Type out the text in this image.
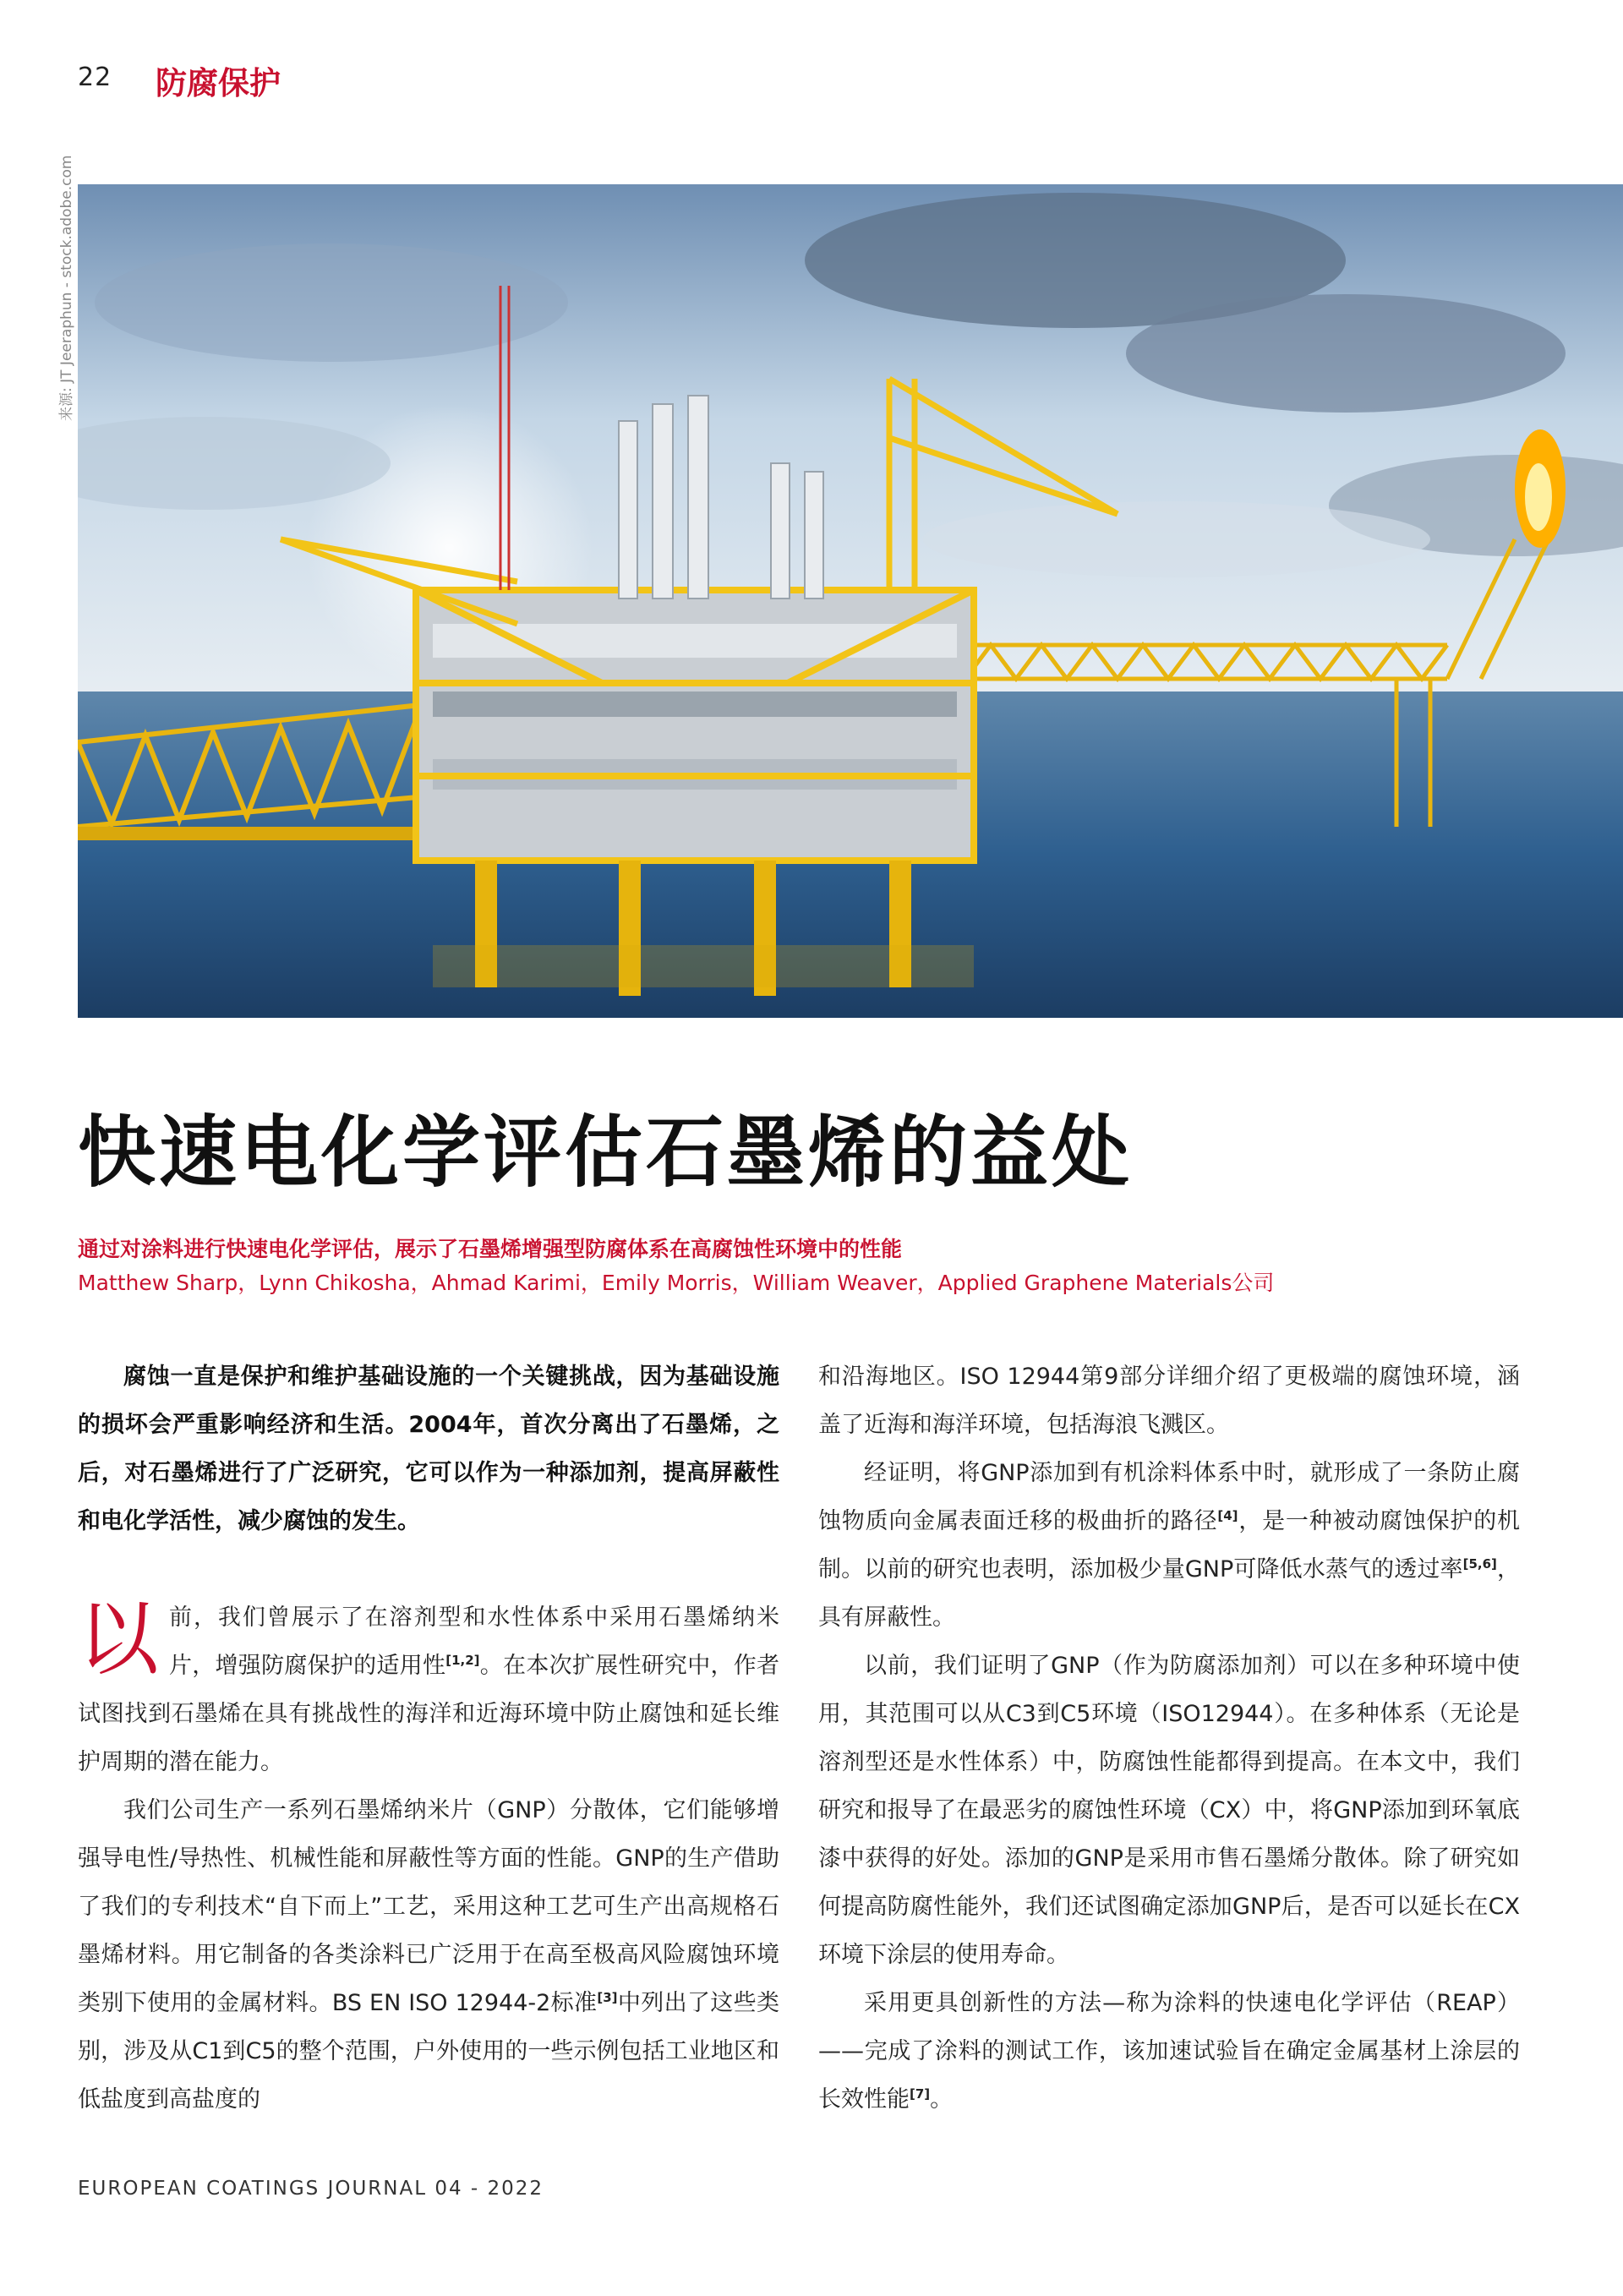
22 防腐保护
来源: JT Jeeraphun - stock.adobe.com
快速电化学评估石墨烯的益处
通过对涂料进行快速电化学评估，展示了石墨烯增强型防腐体系在高腐蚀性环境中的性能
Matthew Sharp，Lynn Chikosha，Ahmad Karimi，Emily Morris，William Weaver，Applied Graphene Materials公司

腐蚀一直是保护和维护基础设施的一个关键挑战，因为基础设施的损坏会严重影响经济和生活。2004年，首次分离出了石墨烯，之后，对石墨烯进行了广泛研究，它可以作为一种添加剂，提高屏蔽性和电化学活性，减少腐蚀的发生。

以前，我们曾展示了在溶剂型和水性体系中采用石墨烯纳米片，增强防腐保护的适用性[1,2]。在本次扩展性研究中，作者试图找到石墨烯在具有挑战性的海洋和近海环境中防止腐蚀和延长维护周期的潜在能力。

我们公司生产一系列石墨烯纳米片（GNP）分散体，它们能够增强导电性/导热性、机械性能和屏蔽性等方面的性能。GNP的生产借助了我们的专利技术“自下而上”工艺，采用这种工艺可生产出高规格石墨烯材料。用它制备的各类涂料已广泛用于在高至极高风险腐蚀环境类别下使用的金属材料。BS EN ISO 12944-2标准[3]中列出了这些类别，涉及从C1到C5的整个范围，户外使用的一些示例包括工业地区和低盐度到高盐度的

和沿海地区。ISO 12944第9部分详细介绍了更极端的腐蚀环境，涵盖了近海和海洋环境，包括海浪飞溅区。

经证明，将GNP添加到有机涂料体系中时，就形成了一条防止腐蚀物质向金属表面迁移的极曲折的路径[4]，是一种被动腐蚀保护的机制。以前的研究也表明，添加极少量GNP可降低水蒸气的透过率[5,6]，具有屏蔽性。

以前，我们证明了GNP（作为防腐添加剂）可以在多种环境中使用，其范围可以从C3到C5环境（ISO12944）。在多种体系（无论是溶剂型还是水性体系）中，防腐蚀性能都得到提高。在本文中，我们研究和报导了在最恶劣的腐蚀性环境（CX）中，将GNP添加到环氧底漆中获得的好处。添加的GNP是采用市售石墨烯分散体。除了研究如何提高防腐性能外，我们还试图确定添加GNP后，是否可以延长在CX环境下涂层的使用寿命。

采用更具创新性的方法—称为涂料的快速电化学评估（REAP）——完成了涂料的测试工作，该加速试验旨在确定金属基材上涂层的长效性能[7]。

EUROPEAN COATINGS JOURNAL 04 - 2022
